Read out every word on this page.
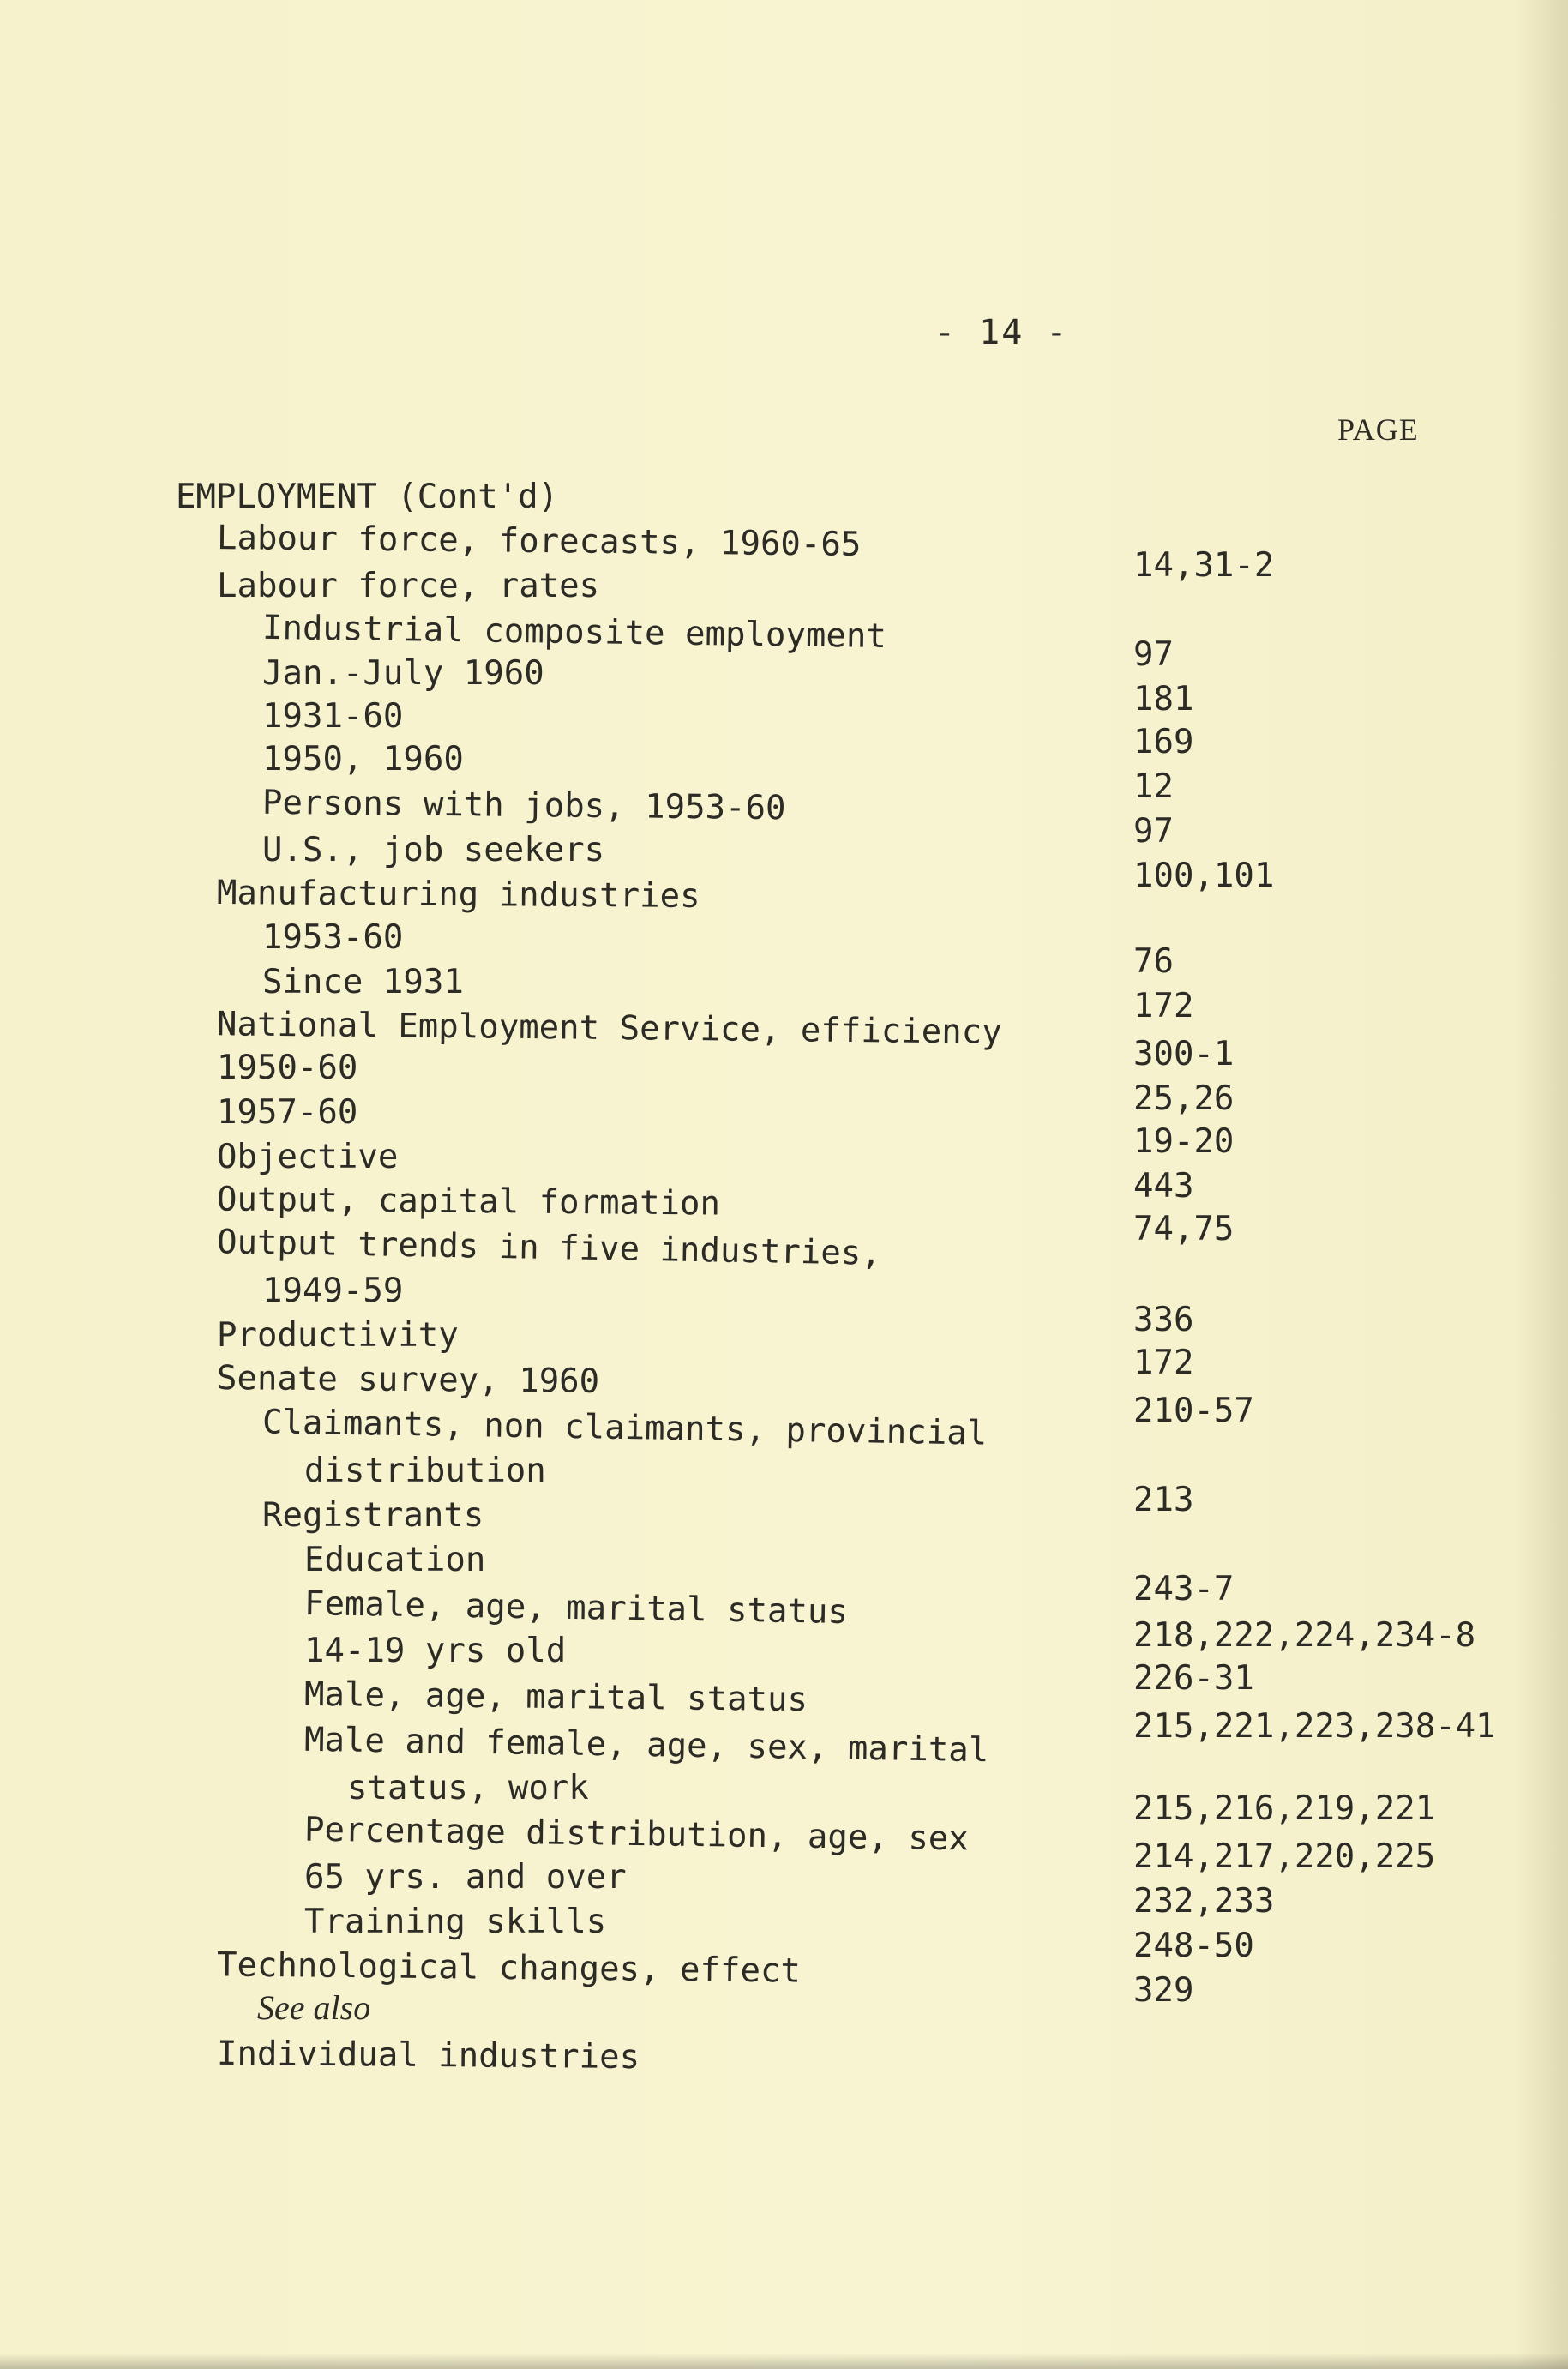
- 14 -
PAGE
EMPLOYMENT (Cont'd)
Labour force, forecasts, 1960-65
Labour force, rates
Industrial composite employment
Jan.-July 1960
1931-60
1950, 1960
Persons with jobs, 1953-60
U.S., job seekers
Manufacturing industries
1953-60
Since 1931
National Employment Service, efficiency
1950-60
1957-60
Objective
Output, capital formation
Output trends in five industries,
1949-59
Productivity
Senate survey, 1960
Claimants, non claimants, provincial
distribution
Registrants
Education
Female, age, marital status
14-19 yrs old
Male, age, marital status
Male and female, age, sex, marital
status, work
Percentage distribution, age, sex
65 yrs. and over
Training skills
Technological changes, effect
See also
Individual industries
14,31-2
97
181
169
12
97
100,101
76
172
300-1
25,26
19-20
443
74,75
336
172
210-57
213
243-7
218,222,224,234-8
226-31
215,221,223,238-41
215,216,219,221
214,217,220,225
232,233
248-50
329
